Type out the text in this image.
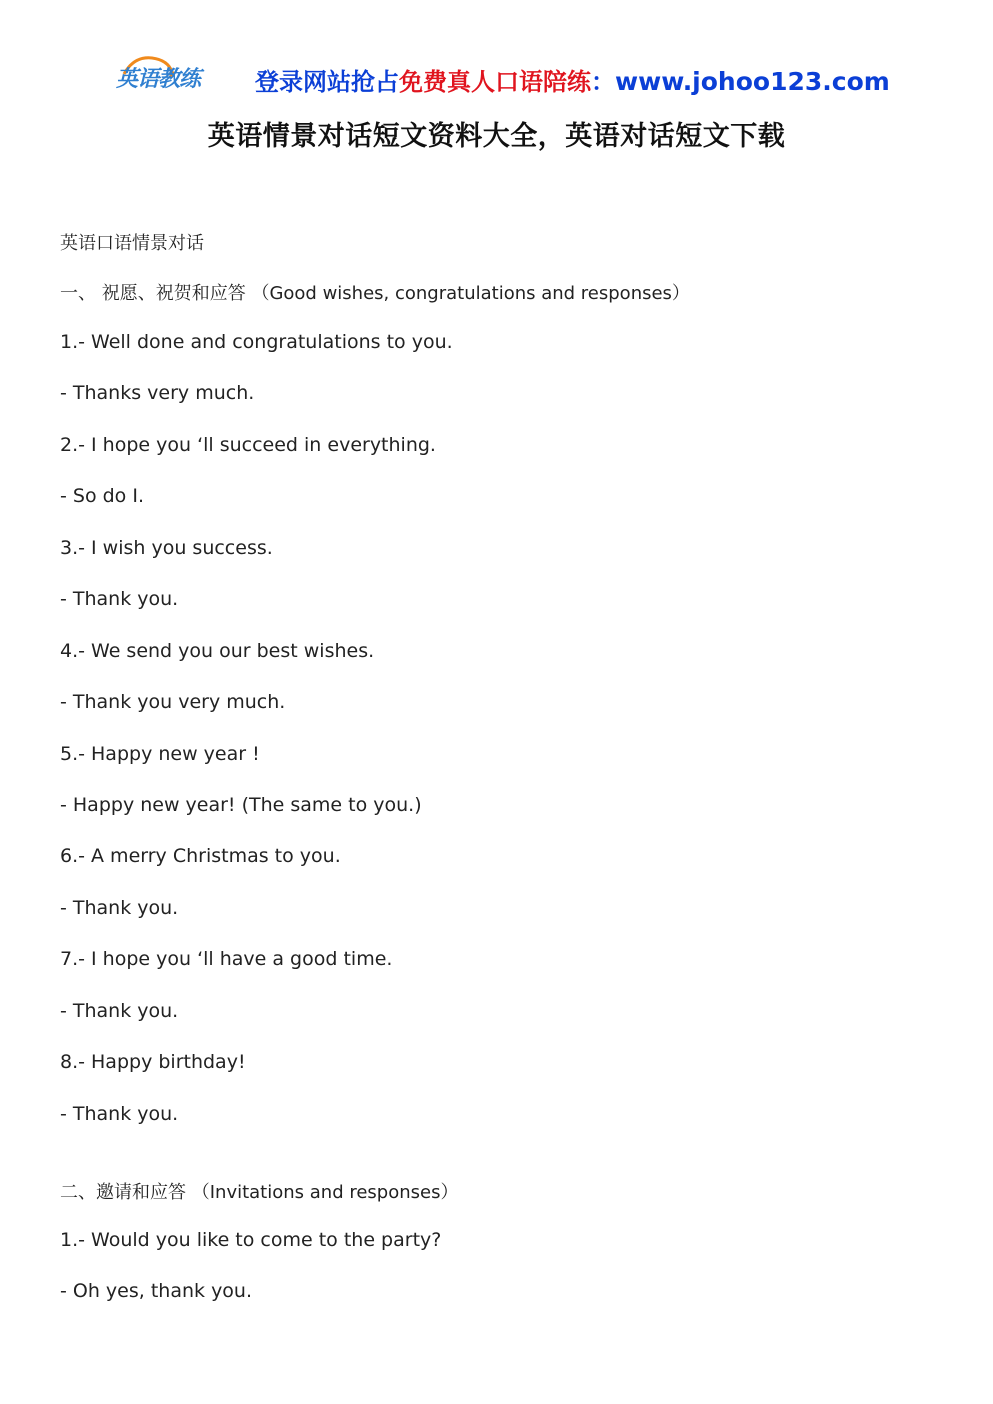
英语教练 登录网站抢占免费真人口语陪练：www.johoo123.com
英语情景对话短文资料大全，英语对话短文下载
英语口语情景对话
一、 祝愿、祝贺和应答 （Good wishes, congratulations and responses）
1.- Well done and congratulations to you.
- Thanks very much.
2.- I hope you ‘ll succeed in everything.
- So do I.
3.- I wish you success.
- Thank you.
4.- We send you our best wishes.
- Thank you very much.
5.- Happy new year !
- Happy new year! (The same to you.)
6.- A merry Christmas to you.
- Thank you.
7.- I hope you ‘ll have a good time.
- Thank you.
8.- Happy birthday!
- Thank you.
二、邀请和应答 （Invitations and responses）
1.- Would you like to come to the party?
- Oh yes, thank you.
